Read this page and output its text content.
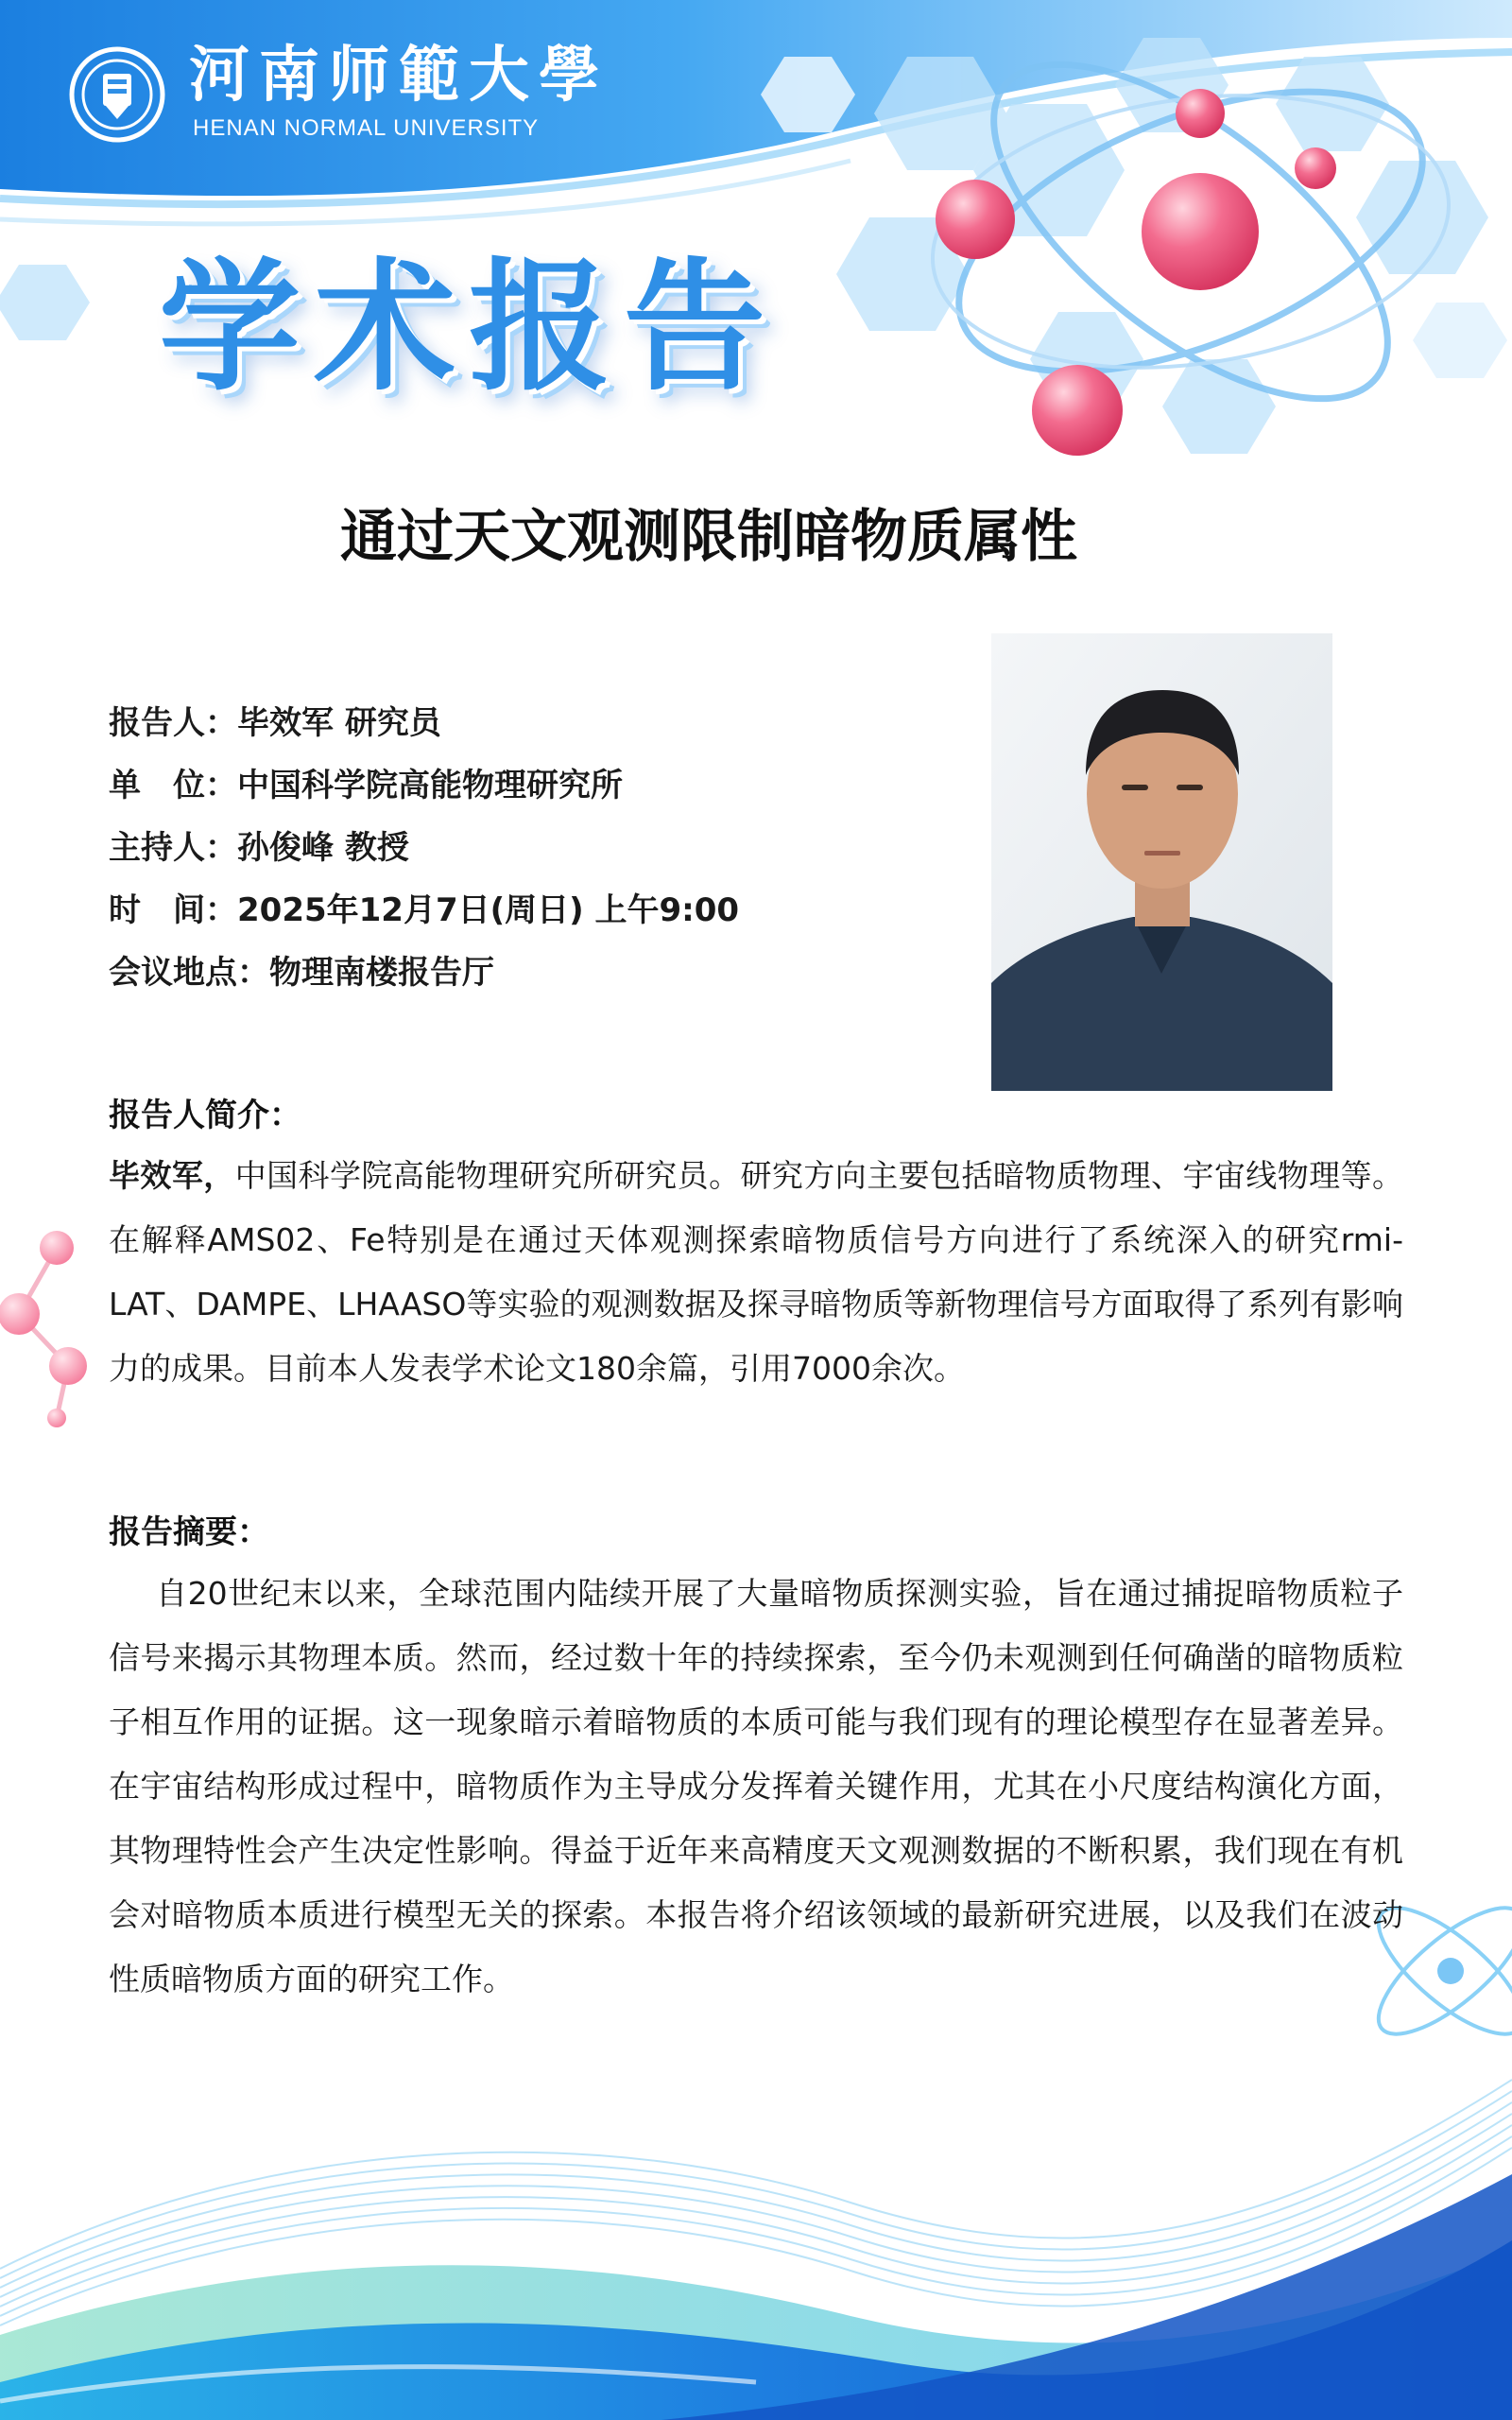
河南师範大學
HENAN NORMAL UNIVERSITY
学术报告
通过天文观测限制暗物质属性
报告人：毕效军 研究员
单　位：中国科学院高能物理研究所
主持人：孙俊峰 教授
时　间：2025年12月7日(周日) 上午9:00
会议地点：物理南楼报告厅
报告人简介：
毕效军，中国科学院高能物理研究所研究员。研究方向主要包括暗物质物理、宇宙线物理等。在解释AMS02、Fe特别是在通过天体观测探索暗物质信号方向进行了系统深入的研究rmi-LAT、DAMPE、LHAASO等实验的观测数据及探寻暗物质等新物理信号方面取得了系列有影响力的成果。目前本人发表学术论文180余篇，引用7000余次。
报告摘要：
自20世纪末以来，全球范围内陆续开展了大量暗物质探测实验，旨在通过捕捉暗物质粒子信号来揭示其物理本质。然而，经过数十年的持续探索，至今仍未观测到任何确凿的暗物质粒子相互作用的证据。这一现象暗示着暗物质的本质可能与我们现有的理论模型存在显著差异。在宇宙结构形成过程中，暗物质作为主导成分发挥着关键作用，尤其在小尺度结构演化方面，其物理特性会产生决定性影响。得益于近年来高精度天文观测数据的不断积累，我们现在有机会对暗物质本质进行模型无关的探索。本报告将介绍该领域的最新研究进展，以及我们在波动性质暗物质方面的研究工作。
